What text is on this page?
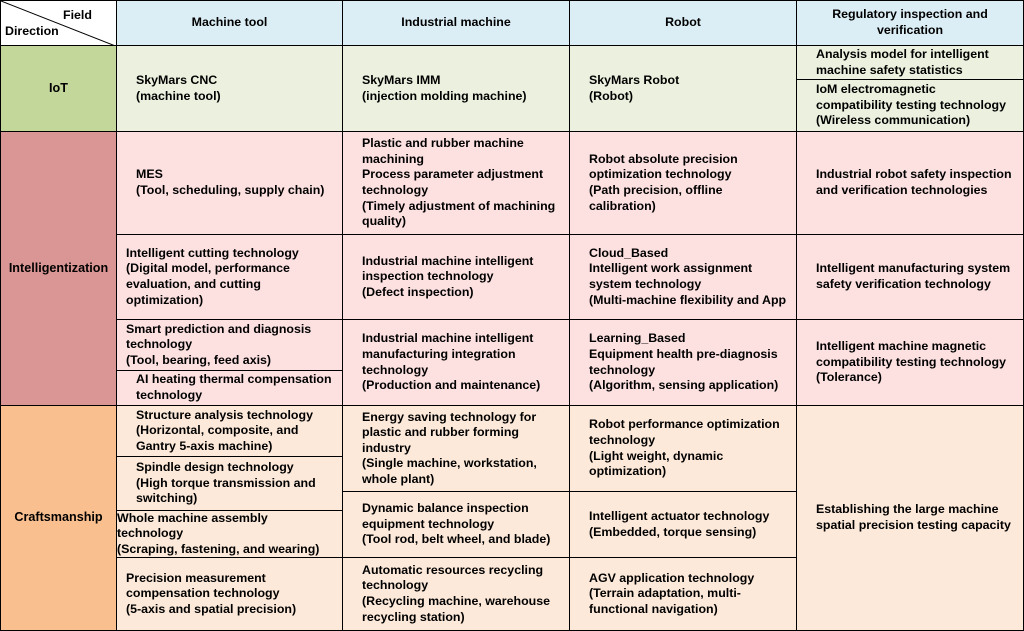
Field

Direction

Machine tool	Industrial machine	Robot
Regulatory inspection and
verification
IoT
Intelligentization
Craftsmanship
SkyMars CNC
(machine tool)
SkyMars IMM
(injection molding machine)
SkyMars Robot
(Robot)
Analysis model for intelligent
machine safety statistics
IoM electromagnetic
compatibility testing technology
(Wireless communication)
MES
(Tool, scheduling, supply chain)
Intelligent cutting technology
(Digital model, performance
evaluation, and cutting
optimization)
Smart prediction and diagnosis
technology
(Tool, bearing, feed axis)
AI heating thermal compensation
technology
Plastic and rubber machine
machining
Process parameter adjustment
technology
(Timely adjustment of machining
quality)
Industrial machine intelligent
inspection technology
(Defect inspection)
Industrial machine intelligent
manufacturing integration
technology
(Production and maintenance)
Robot absolute precision
optimization technology
(Path precision, offline
calibration)
Cloud_Based
Intelligent work assignment
system technology
(Multi-machine flexibility and App
Learning_Based
Equipment health pre-diagnosis
technology
(Algorithm, sensing application)
Industrial robot safety inspection
and verification technologies
Intelligent manufacturing system
safety verification technology
Intelligent machine magnetic
compatibility testing technology
(Tolerance)
Structure analysis technology
(Horizontal, composite, and
Gantry 5-axis machine)
Spindle design technology
(High torque transmission and
switching)
Whole machine assembly
technology
(Scraping, fastening, and wearing)
Precision measurement
compensation technology
(5-axis and spatial precision)
Energy saving technology for
plastic and rubber forming
industry
(Single machine, workstation,
whole plant)
Dynamic balance inspection
equipment technology
(Tool rod, belt wheel, and blade)
Automatic resources recycling
technology
(Recycling machine, warehouse
recycling station)
Robot performance optimization
technology
(Light weight, dynamic
optimization)
Intelligent actuator technology
(Embedded, torque sensing)
AGV application technology
(Terrain adaptation, multi-
functional navigation)
Establishing the large machine
spatial precision testing capacity
